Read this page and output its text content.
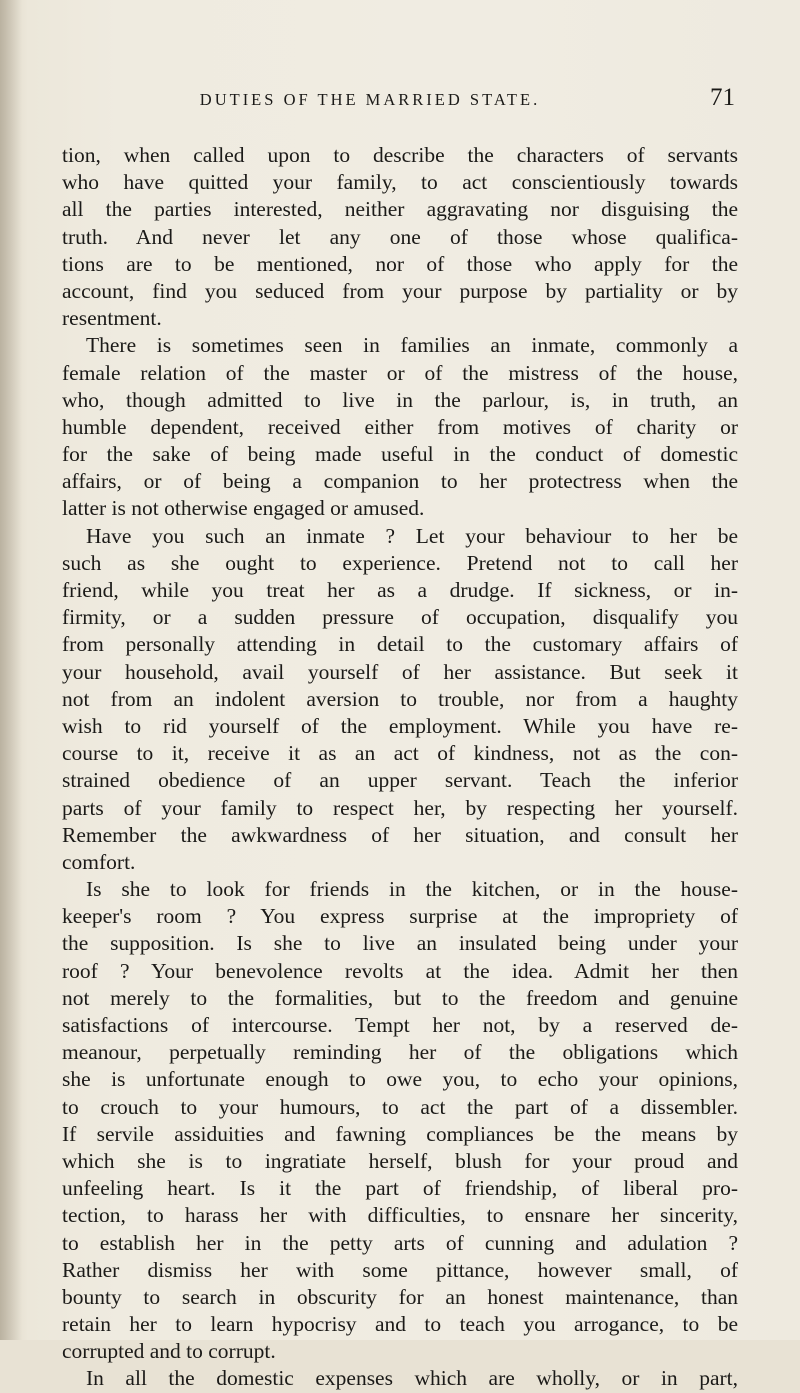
DUTIES OF THE MARRIED STATE.	71
tion, when called upon to describe the characters of servants
who have quitted your family, to act conscientiously towards
all the parties interested, neither aggravating nor disguising the
truth. And never let any one of those whose qualifica-
tions are to be mentioned, nor of those who apply for the
account, find you seduced from your purpose by partiality or by
resentment.
There is sometimes seen in families an inmate, commonly a
female relation of the master or of the mistress of the house,
who, though admitted to live in the parlour, is, in truth, an
humble dependent, received either from motives of charity or
for the sake of being made useful in the conduct of domestic
affairs, or of being a companion to her protectress when the
latter is not otherwise engaged or amused.
Have you such an inmate ? Let your behaviour to her be
such as she ought to experience. Pretend not to call her
friend, while you treat her as a drudge. If sickness, or in-
firmity, or a sudden pressure of occupation, disqualify you
from personally attending in detail to the customary affairs of
your household, avail yourself of her assistance. But seek it
not from an indolent aversion to trouble, nor from a haughty
wish to rid yourself of the employment. While you have re-
course to it, receive it as an act of kindness, not as the con-
strained obedience of an upper servant. Teach the inferior
parts of your family to respect her, by respecting her yourself.
Remember the awkwardness of her situation, and consult her
comfort.
Is she to look for friends in the kitchen, or in the house-
keeper's room ? You express surprise at the impropriety of
the supposition. Is she to live an insulated being under your
roof ? Your benevolence revolts at the idea. Admit her then
not merely to the formalities, but to the freedom and genuine
satisfactions of intercourse. Tempt her not, by a reserved de-
meanour, perpetually reminding her of the obligations which
she is unfortunate enough to owe you, to echo your opinions,
to crouch to your humours, to act the part of a dissembler.
If servile assiduities and fawning compliances be the means by
which she is to ingratiate herself, blush for your proud and
unfeeling heart. Is it the part of friendship, of liberal pro-
tection, to harass her with difficulties, to ensnare her sincerity,
to establish her in the petty arts of cunning and adulation ?
Rather dismiss her with some pittance, however small, of
bounty to search in obscurity for an honest maintenance, than
retain her to learn hypocrisy and to teach you arrogance, to be
corrupted and to corrupt.
In all the domestic expenses which are wholly, or in part,
